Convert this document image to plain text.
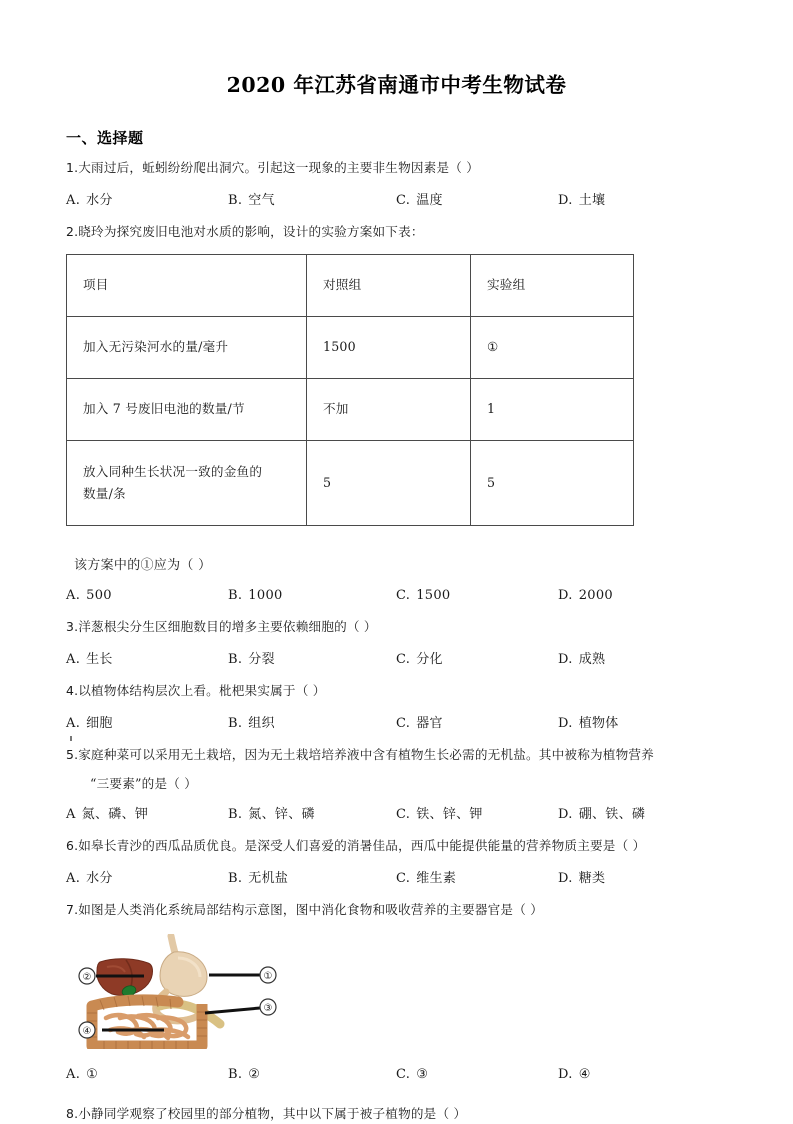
2020 年江苏省南通市中考生物试卷
一、选择题

1.大雨过后，蚯蚓纷纷爬出洞穴。引起这一现象的主要非生物因素是（ ）

A. 水分	B. 空气	C. 温度	D. 土壤

2.晓玲为探究废旧电池对水质的影响，设计的实验方案如下表：

项目	对照组	实验组
加入无污染河水的量/毫升	1500	①
加入 7 号废旧电池的数量/节	不加	1
放入同种生长状况一致的金鱼的
数量/条	5	5

该方案中的①应为（ ）

A. 500	B. 1000	C. 1500	D. 2000

3.洋葱根尖分生区细胞数目的增多主要依赖细胞的（ ）

A. 生长	B. 分裂	C. 分化	D. 成熟

4.以植物体结构层次上看。枇杷果实属于（ ）

A. 细胞	B. 组织	C. 器官	D. 植物体

5.家庭种菜可以采用无土栽培，因为无土栽培培养液中含有植物生长必需的无机盐。其中被称为植物营养

“三要素”的是（ ）

A 氮、磷、钾	B. 氮、锌、磷	C. 铁、锌、钾	D. 硼、铁、磷

6.如皋长青沙的西瓜品质优良。是深受人们喜爱的消暑佳品，西瓜中能提供能量的营养物质主要是（ ）

A. 水分	B. 无机盐	C. 维生素	D. 糖类

7.如图是人类消化系统局部结构示意图，图中消化食物和吸收营养的主要器官是（ ）

①
②
③
④
A. ①	B. ②	C. ③	D. ④

8.小静同学观察了校园里的部分植物，其中以下属于被子植物的是（ ）
